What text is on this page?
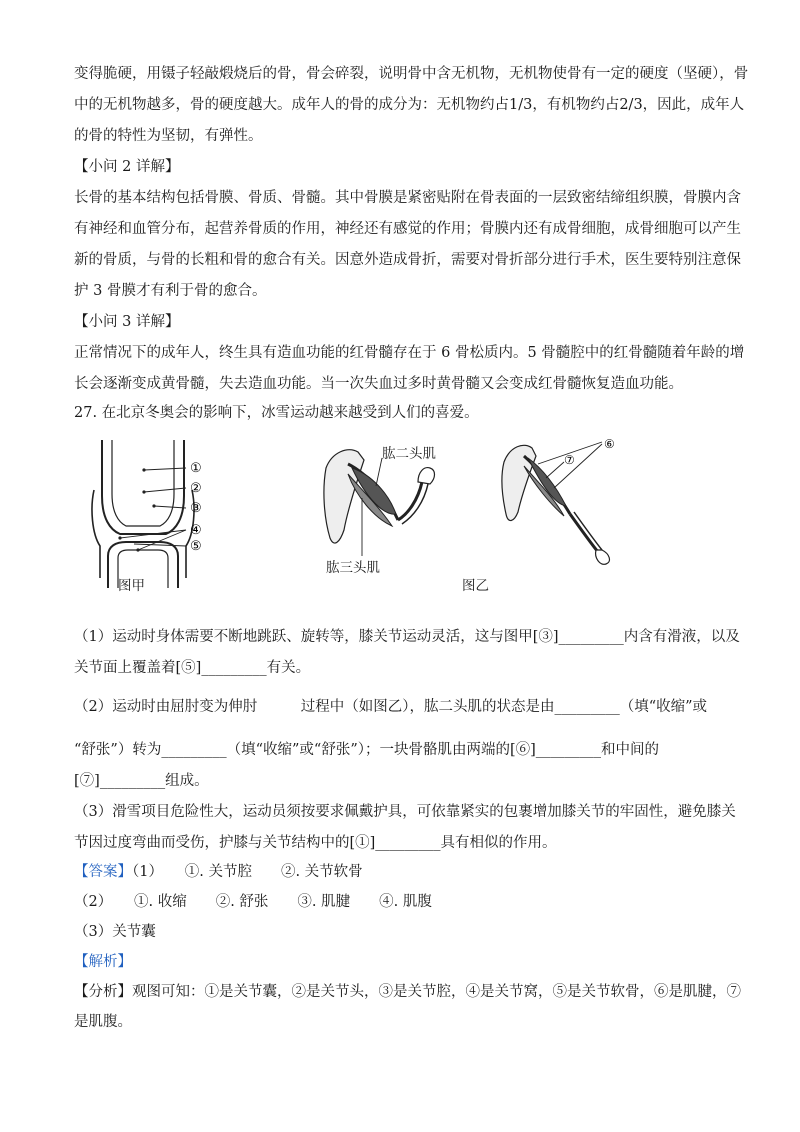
变得脆硬，用镊子轻敲煅烧后的骨，骨会碎裂，说明骨中含无机物，无机物使骨有一定的硬度（坚硬），骨
中的无机物越多，骨的硬度越大。成年人的骨的成分为：无机物约占1/3，有机物约占2/3，因此，成年人
的骨的特性为坚韧，有弹性。
【小问 2 详解】
长骨的基本结构包括骨膜、骨质、骨髓。其中骨膜是紧密贴附在骨表面的一层致密结缔组织膜，骨膜内含
有神经和血管分布，起营养骨质的作用，神经还有感觉的作用；骨膜内还有成骨细胞，成骨细胞可以产生
新的骨质，与骨的长粗和骨的愈合有关。因意外造成骨折，需要对骨折部分进行手术，医生要特别注意保
护 3 骨膜才有利于骨的愈合。
【小问 3 详解】
正常情况下的成年人，终生具有造血功能的红骨髓存在于 6 骨松质内。5 骨髓腔中的红骨髓随着年龄的增
长会逐渐变成黄骨髓，失去造血功能。当一次失血过多时黄骨髓又会变成红骨髓恢复造血功能。
27. 在北京冬奥会的影响下，冰雪运动越来越受到人们的喜爱。
①
②
③
④
⑤
图甲
肱二头肌
肱三头肌
⑥
⑦
图乙
（1）运动时身体需要不断地跳跃、旋转等，膝关节运动灵活，这与图甲[③]_________内含有滑液，以及
关节面上覆盖着[⑤]_________有关。
（2）运动时由屈肘变为伸肘　　　过程中（如图乙），肱二头肌的状态是由_________（填“收缩”或
“舒张”）转为_________（填“收缩”或“舒张”）；一块骨骼肌由两端的[⑥]_________和中间的
[⑦]_________组成。
（3）滑雪项目危险性大，运动员须按要求佩戴护具，可依靠紧实的包裹增加膝关节的牢固性，避免膝关
节因过度弯曲而受伤，护膝与关节结构中的[①]_________具有相似的作用。
【答案】（1）　　①. 关节腔　　②. 关节软骨
（2）　　①. 收缩　　②. 舒张　　③. 肌腱　　④. 肌腹
（3）关节囊
【解析】
【分析】观图可知：①是关节囊，②是关节头，③是关节腔，④是关节窝，⑤是关节软骨，⑥是肌腱，⑦
是肌腹。
